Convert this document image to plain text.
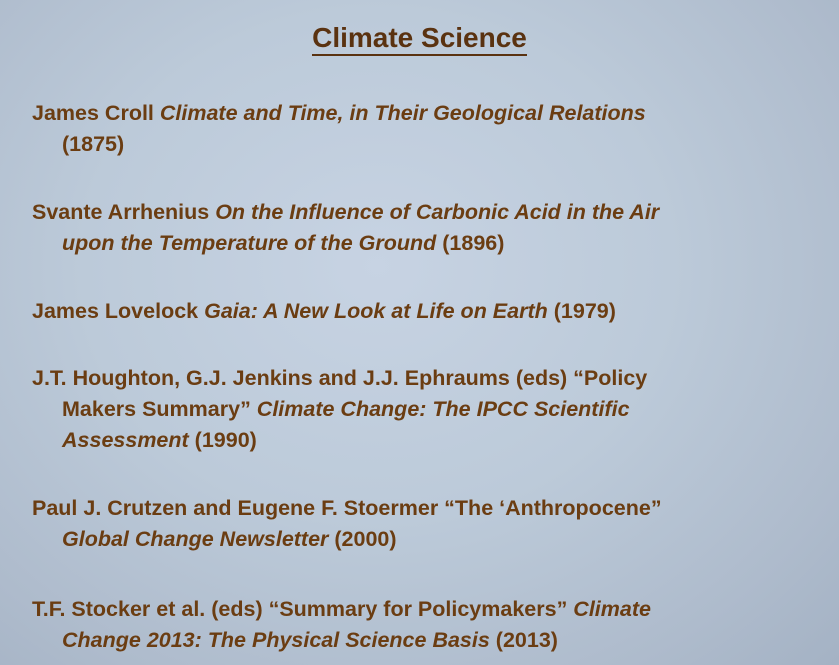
Climate Science
James Croll Climate and Time, in Their Geological Relations
(1875)
Svante Arrhenius On the Influence of Carbonic Acid in the Air
upon the Temperature of the Ground (1896)
James Lovelock Gaia: A New Look at Life on Earth (1979)
J.T. Houghton, G.J. Jenkins and J.J. Ephraums (eds) “Policy
Makers Summary” Climate Change: The IPCC Scientific
Assessment (1990)
Paul J. Crutzen and Eugene F. Stoermer “The ‘Anthropocene”
Global Change Newsletter (2000)
T.F. Stocker et al. (eds) “Summary for Policymakers” Climate
Change 2013: The Physical Science Basis (2013)
